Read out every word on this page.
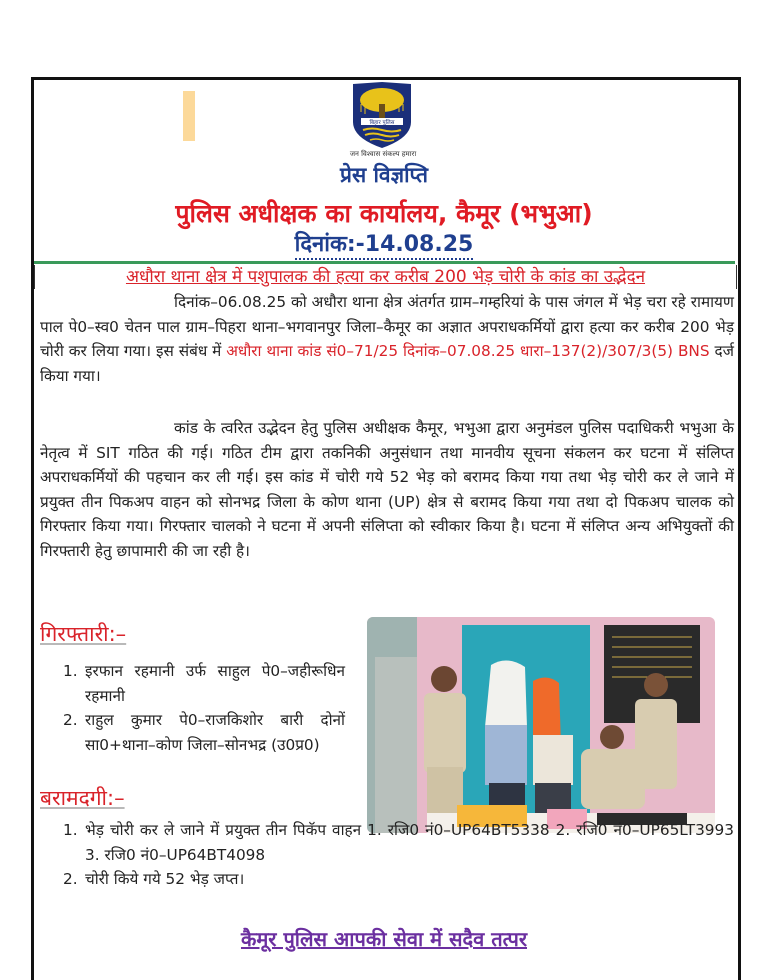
बिहार पुलिस
जन विश्वास संकल्प हमारा
प्रेस विज्ञप्ति
पुलिस अधीक्षक का कार्यालय, कैमूर (भभुआ)
दिनांक:-14.08.25
अधौरा थाना क्षेत्र में पशुपालक की हत्या कर करीब 200 भेड़ चोरी के कांड का उद्भेदन
दिनांक–06.08.25 को अधौरा थाना क्षेत्र अंतर्गत ग्राम–गम्हरियां के पास जंगल में भेड़ चरा रहे रामायण पाल पे0–स्व0 चेतन पाल ग्राम–पिहरा थाना–भगवानपुर जिला–कैमूर का अज्ञात अपराधकर्मियों द्वारा हत्या कर करीब 200 भेड़ चोरी कर लिया गया। इस संबंध में अधौरा थाना कांड सं0–71/25 दिनांक–07.08.25 धारा–137(2)/307/3(5) BNS दर्ज किया गया।
कांड के त्वरित उद्भेदन हेतु पुलिस अधीक्षक कैमूर, भभुआ द्वारा अनुमंडल पुलिस पदाधिकरी भभुआ के नेतृत्व में SIT गठित की गई। गठित टीम द्वारा तकनिकी अनुसंधान तथा मानवीय सूचना संकलन कर घटना में संलिप्त अपराधकर्मियों की पहचान कर ली गई। इस कांड में चोरी गये 52 भेड़ को बरामद किया गया तथा भेड़ चोरी कर ले जाने में प्रयुक्त तीन पिकअप वाहन को सोनभद्र जिला के कोण थाना (UP) क्षेत्र से बरामद किया गया तथा दो पिकअप चालक को गिरफ्तार किया गया। गिरफ्तार चालको ने घटना में अपनी संलिप्ता को स्वीकार किया है। घटना में संलिप्त अन्य अभियुक्तों की गिरफ्तारी हेतु छापामारी की जा रही है।
गिरफ्तारी:–
1. इरफान रहमानी उर्फ साहुल पे0–जहीरूधिन रहमानी
2. राहुल कुमार पे0–राजकिशोर बारी दोनों सा0+थाना–कोण जिला–सोनभद्र (उ0प्र0)
बरामदगी:–
1. भेड़ चोरी कर ले जाने में प्रयुक्त तीन पिकॅप वाहन 1. रजि0 नं0–UP64BT5338 2. रजि0 नं0–UP65LT3993 3. रजि0 नं0–UP64BT4098
2. चोरी किये गये 52 भेड़ जप्त।
कैमूर पुलिस आपकी सेवा में सदैव तत्पर
